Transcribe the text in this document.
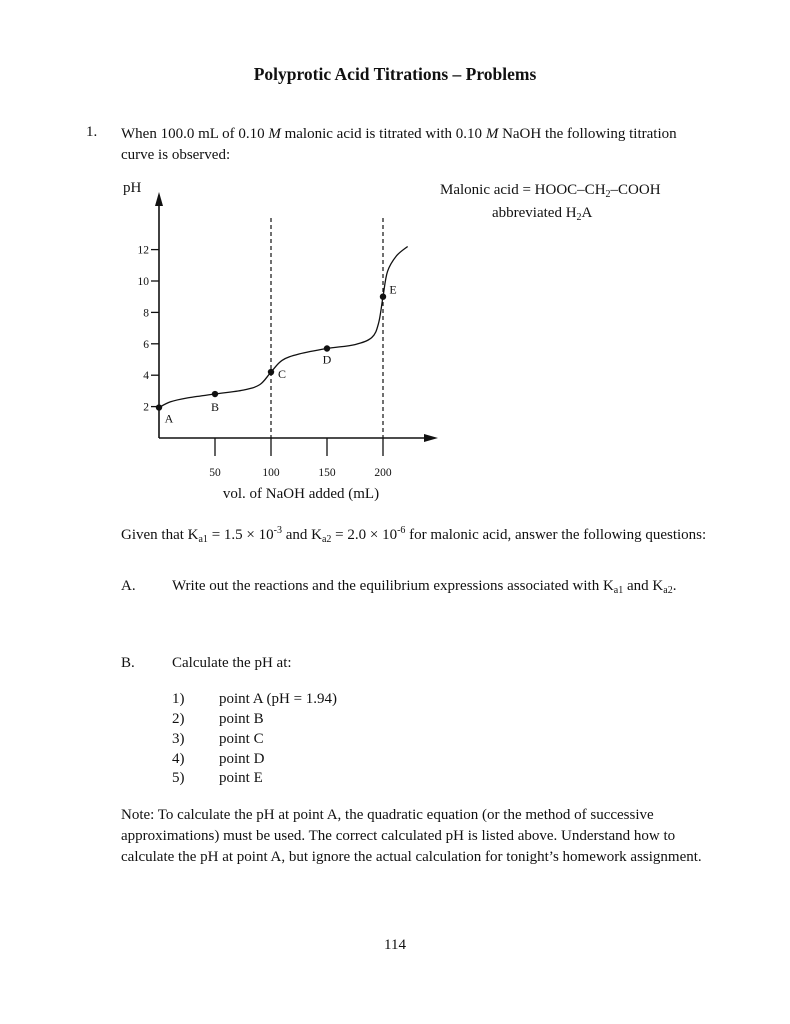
Polyprotic Acid Titrations – Problems
1. When 100.0 mL of 0.10 M malonic acid is titrated with 0.10 M NaOH the following titration curve is observed:
Malonic acid = HOOC–$CH_2$–COOH
abbreviated $H_2A$
pH
vol. of NaOH added (mL)
2
4
6
8
10
12
50	100	150	200
A
B
C
D
E
Given that $K_{a1} = 1.5 \times 10^{-3}$ and $K_{a2} = 2.0 \times 10^{-6}$ for malonic acid, answer the following questions:
A. Write out the reactions and the equilibrium expressions associated with $K_{a1}$ and $K_{a2}$.
B. Calculate the pH at:
1) point A (pH = 1.94)
2) point B
3) point C
4) point D
5) point E
Note: To calculate the pH at point A, the quadratic equation (or the method of successive approximations) must be used. The correct calculated pH is listed above. Understand how to calculate the pH at point A, but ignore the actual calculation for tonight’s homework assignment.
114
